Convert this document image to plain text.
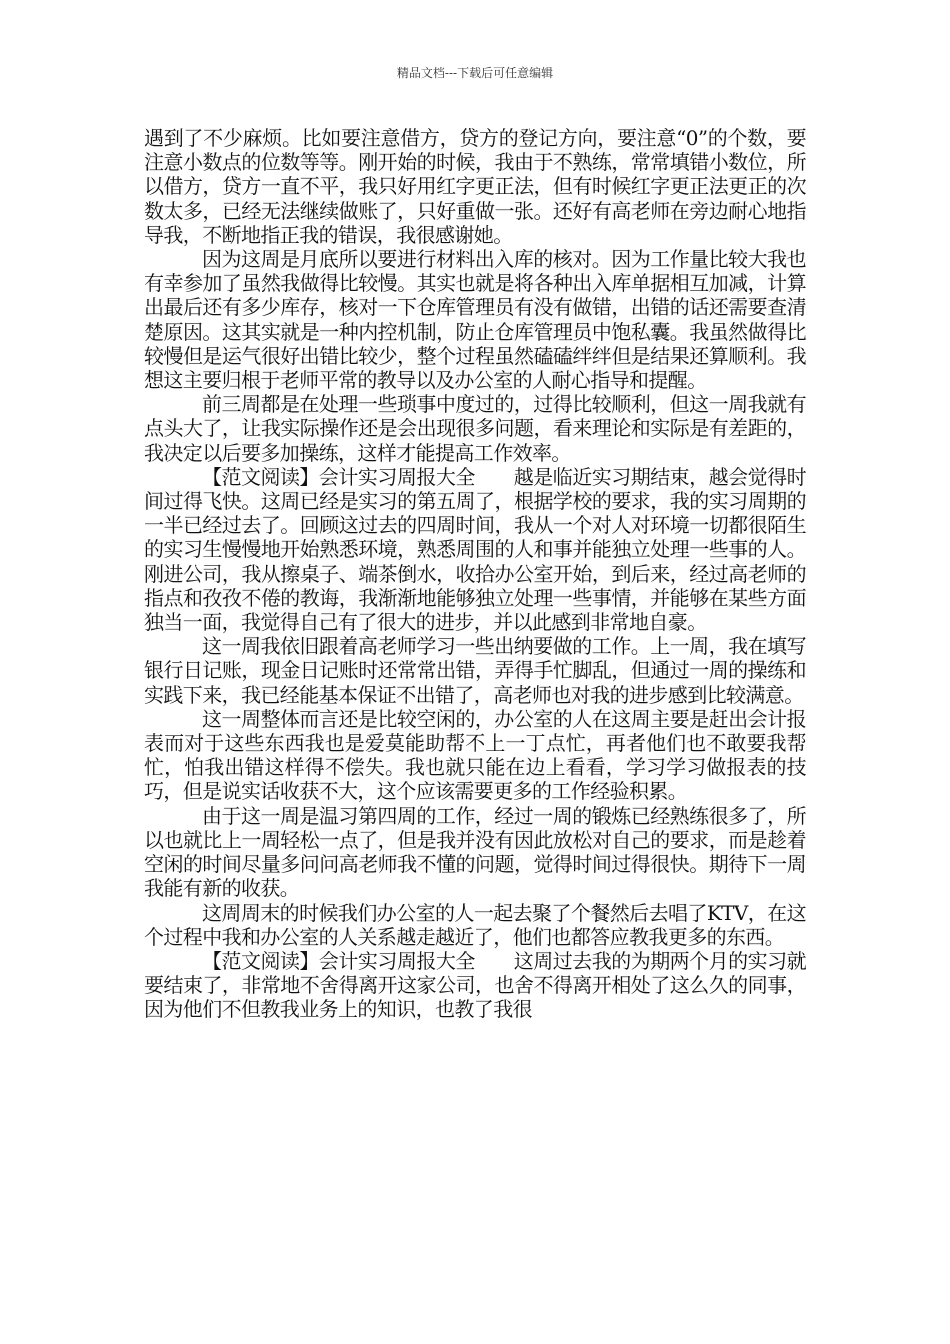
精品文档---下载后可任意编辑

遇到了不少麻烦。比如要注意借方，贷方的登记方向，要注意“0”的个数，要注意小数点的位数等等。刚开始的时候，我由于不熟练，常常填错小数位，所以借方，贷方一直不平，我只好用红字更正法，但有时候红字更正法更正的次数太多，已经无法继续做账了，只好重做一张。还好有高老师在旁边耐心地指导我，不断地指正我的错误，我很感谢她。

因为这周是月底所以要进行材料出入库的核对。因为工作量比较大我也有幸参加了虽然我做得比较慢。其实也就是将各种出入库单据相互加减，计算出最后还有多少库存，核对一下仓库管理员有没有做错，出错的话还需要查清楚原因。这其实就是一种内控机制，防止仓库管理员中饱私囊。我虽然做得比较慢但是运气很好出错比较少，整个过程虽然磕磕绊绊但是结果还算顺利。我想这主要归根于老师平常的教导以及办公室的人耐心指导和提醒。

前三周都是在处理一些琐事中度过的，过得比较顺利，但这一周我就有点头大了，让我实际操作还是会出现很多问题，看来理论和实际是有差距的，我决定以后要多加操练，这样才能提高工作效率。

【范文阅读】会计实习周报大全　　越是临近实习期结束，越会觉得时间过得飞快。这周已经是实习的第五周了，根据学校的要求，我的实习周期的一半已经过去了。回顾这过去的四周时间，我从一个对人对环境一切都很陌生的实习生慢慢地开始熟悉环境，熟悉周围的人和事并能独立处理一些事的人。刚进公司，我从擦桌子、端茶倒水，收拾办公室开始，到后来，经过高老师的指点和孜孜不倦的教诲，我渐渐地能够独立处理一些事情，并能够在某些方面独当一面，我觉得自己有了很大的进步，并以此感到非常地自豪。

这一周我依旧跟着高老师学习一些出纳要做的工作。上一周，我在填写银行日记账，现金日记账时还常常出错，弄得手忙脚乱，但通过一周的操练和实践下来，我已经能基本保证不出错了，高老师也对我的进步感到比较满意。

这一周整体而言还是比较空闲的，办公室的人在这周主要是赶出会计报表而对于这些东西我也是爱莫能助帮不上一丁点忙，再者他们也不敢要我帮忙，怕我出错这样得不偿失。我也就只能在边上看看，学习学习做报表的技巧，但是说实话收获不大，这个应该需要更多的工作经验积累。

由于这一周是温习第四周的工作，经过一周的锻炼已经熟练很多了，所以也就比上一周轻松一点了，但是我并没有因此放松对自己的要求，而是趁着空闲的时间尽量多问问高老师我不懂的问题，觉得时间过得很快。期待下一周我能有新的收获。

这周周末的时候我们办公室的人一起去聚了个餐然后去唱了KTV，在这个过程中我和办公室的人关系越走越近了，他们也都答应教我更多的东西。

【范文阅读】会计实习周报大全　　这周过去我的为期两个月的实习就要结束了，非常地不舍得离开这家公司，也舍不得离开相处了这么久的同事，因为他们不但教我业务上的知识，也教了我很
